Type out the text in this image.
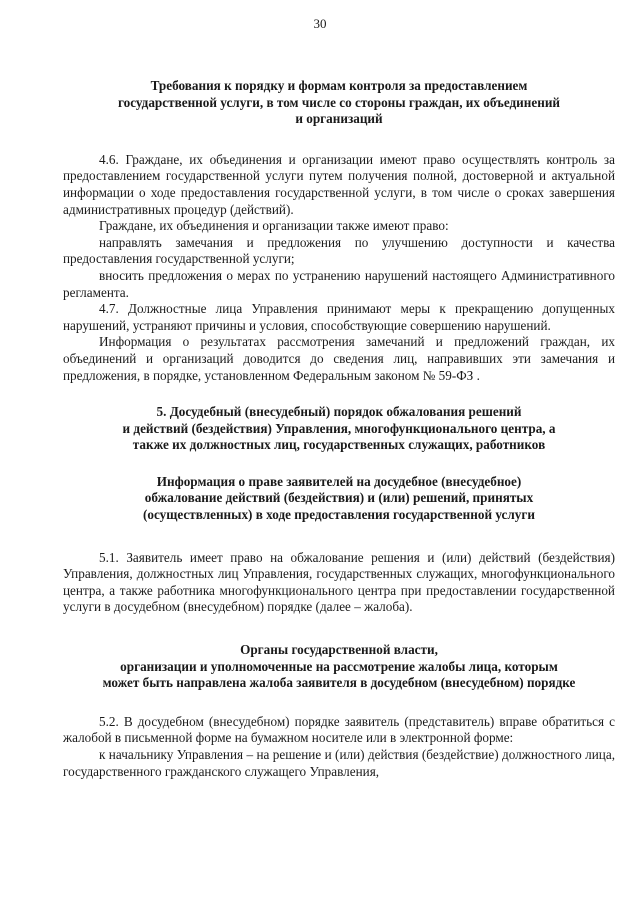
30
Требования к порядку и формам контроля за предоставлением
государственной услуги, в том числе со стороны граждан, их объединений
и организаций

4.6. Граждане, их объединения и организации имеют право осуществлять контроль за предоставлением государственной услуги путем получения полной, достоверной и актуальной информации о ходе предоставления государственной услуги, в том числе о сроках завершения административных процедур (действий).

Граждане, их объединения и организации также имеют право:

направлять замечания и предложения по улучшению доступности и качества предоставления государственной услуги;

вносить предложения о мерах по устранению нарушений настоящего Административного регламента.

4.7. Должностные лица Управления принимают меры к прекращению допущенных нарушений, устраняют причины и условия, способствующие совершению нарушений.

Информация о результатах рассмотрения замечаний и предложений граждан, их объединений и организаций доводится до сведения лиц, направивших эти замечания и предложения, в порядке, установленном Федеральным законом № 59-ФЗ .

5. Досудебный (внесудебный) порядок обжалования решений
и действий (бездействия) Управления, многофункционального центра, а
также их должностных лиц, государственных служащих, работников
Информация о праве заявителей на досудебное (внесудебное)
обжалование действий (бездействия) и (или) решений, принятых
(осуществленных) в ходе предоставления государственной услуги

5.1. Заявитель имеет право на обжалование решения и (или) действий (бездействия) Управления, должностных лиц Управления, государственных служащих, многофункционального центра, а также работника многофункционального центра при предоставлении государственной услуги в досудебном (внесудебном) порядке (далее – жалоба).

Органы государственной власти,
организации и уполномоченные на рассмотрение жалобы лица, которым
может быть направлена жалоба заявителя в досудебном (внесудебном) порядке

5.2. В досудебном (внесудебном) порядке заявитель (представитель) вправе обратиться с жалобой в письменной форме на бумажном носителе или в электронной форме:

к начальнику Управления – на решение и (или) действия (бездействие) должностного лица, государственного гражданского служащего Управления,
